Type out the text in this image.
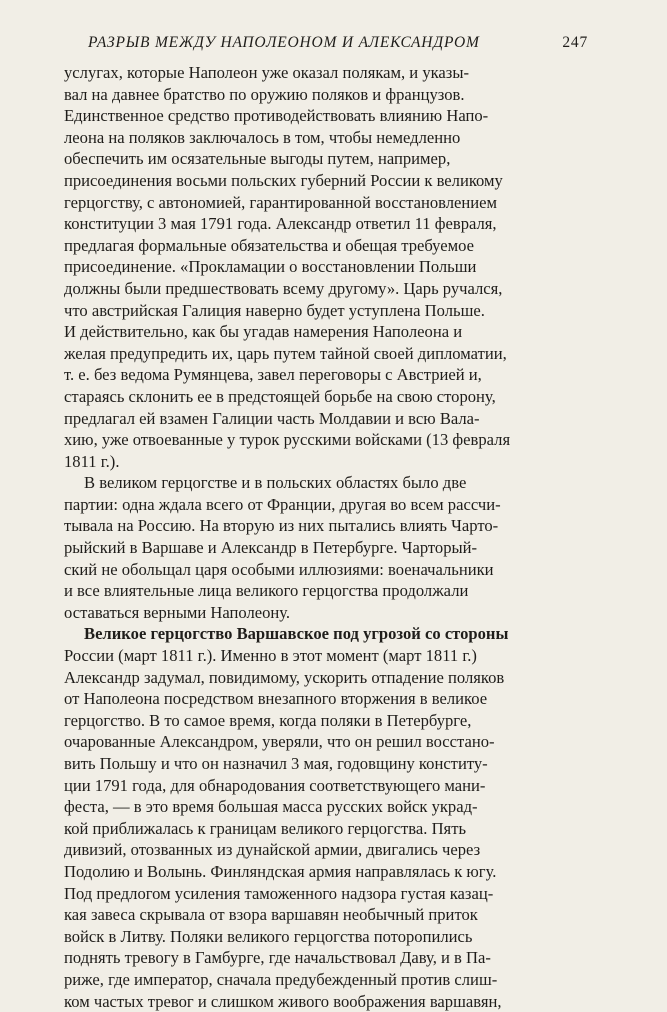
РАЗРЫВ МЕЖДУ НАПОЛЕОНОМ И АЛЕКСАНДРОМ	247
услугах, которые Наполеон уже оказал полякам, и указы-
вал на давнее братство по оружию поляков и французов.
Единственное средство противодействовать влиянию Напо-
леона на поляков заключалось в том, чтобы немедленно
обеспечить им осязательные выгоды путем, например,
присоединения восьми польских губерний России к великому
герцогству, с автономией, гарантированной восстановлением
конституции 3 мая 1791 года. Александр ответил 11 февраля,
предлагая формальные обязательства и обещая требуемое
присоединение. «Прокламации о восстановлении Польши
должны были предшествовать всему другому». Царь ручался,
что австрийская Галиция наверно будет уступлена Польше.
И действительно, как бы угадав намерения Наполеона и
желая предупредить их, царь путем тайной своей дипломатии,
т. е. без ведома Румянцева, завел переговоры с Австрией и,
стараясь склонить ее в предстоящей борьбе на свою сторону,
предлагал ей взамен Галиции часть Молдавии и всю Вала-
хию, уже отвоеванные у турок русскими войсками (13 февраля
1811 г.).
В великом герцогстве и в польских областях было две
партии: одна ждала всего от Франции, другая во всем рассчи-
тывала на Россию. На вторую из них пытались влиять Чарто-
рыйский в Варшаве и Александр в Петербурге. Чарторый-
ский не обольщал царя особыми иллюзиями: военачальники
и все влиятельные лица великого герцогства продолжали
оставаться верными Наполеону.
Великое герцогство Варшавское под угрозой со стороны
России (март 1811 г.). Именно в этот момент (март 1811 г.)
Александр задумал, повидимому, ускорить отпадение поляков
от Наполеона посредством внезапного вторжения в великое
герцогство. В то самое время, когда поляки в Петербурге,
очарованные Александром, уверяли, что он решил восстано-
вить Польшу и что он назначил 3 мая, годовщину конститу-
ции 1791 года, для обнародования соответствующего мани-
феста, — в это время большая масса русских войск украд-
кой приближалась к границам великого герцогства. Пять
дивизий, отозванных из дунайской армии, двигались через
Подолию и Волынь. Финляндская армия направлялась к югу.
Под предлогом усиления таможенного надзора густая казац-
кая завеса скрывала от взора варшавян необычный приток
войск в Литву. Поляки великого герцогства поторопились
поднять тревогу в Гамбурге, где начальствовал Даву, и в Па-
риже, где император, сначала предубежденный против слиш-
ком частых тревог и слишком живого воображения варшавян,
